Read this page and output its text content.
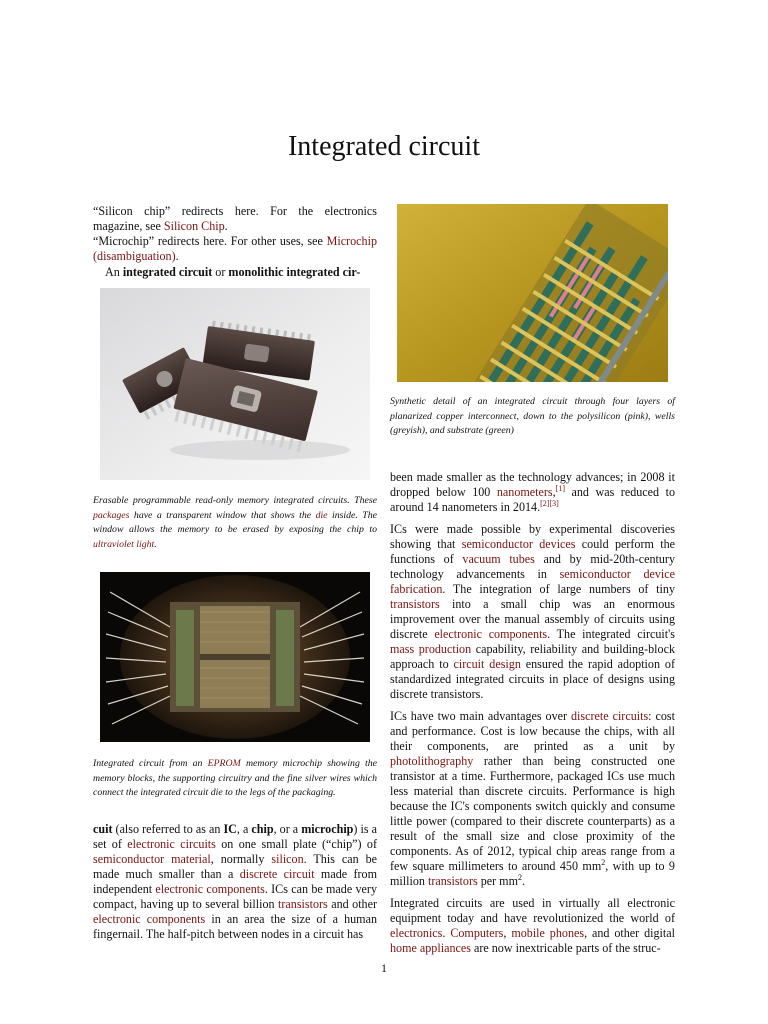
Integrated circuit

“Silicon chip” redirects here. For the electronics magazine, see Silicon Chip.

“Microchip” redirects here. For other uses, see Microchip (disambiguation).

An integrated circuit or monolithic integrated cir-

Erasable programmable read-only memory integrated circuits. These packages have a transparent window that shows the die inside. The window allows the memory to be erased by exposing the chip to ultraviolet light.
Integrated circuit from an EPROM memory microchip showing the memory blocks, the supporting circuitry and the fine silver wires which connect the integrated circuit die to the legs of the packaging.

cuit (also referred to as an IC, a chip, or a microchip) is a set of electronic circuits on one small plate (“chip”) of semiconductor material, normally silicon. This can be made much smaller than a discrete circuit made from independent electronic components. ICs can be made very compact, having up to several billion transistors and other electronic components in an area the size of a human fingernail. The half-pitch between nodes in a circuit has

Synthetic detail of an integrated circuit through four layers of planarized copper interconnect, down to the polysilicon (pink), wells (greyish), and substrate (green)

been made smaller as the technology advances; in 2008 it dropped below 100 nanometers,[1] and was reduced to around 14 nanometers in 2014.[2][3]

ICs were made possible by experimental discoveries showing that semiconductor devices could perform the functions of vacuum tubes and by mid-20th-century technology advancements in semiconductor device fabrication. The integration of large numbers of tiny transistors into a small chip was an enormous improvement over the manual assembly of circuits using discrete electronic components. The integrated circuit's mass production capability, reliability and building-block approach to circuit design ensured the rapid adoption of standardized integrated circuits in place of designs using discrete transistors.

ICs have two main advantages over discrete circuits: cost and performance. Cost is low because the chips, with all their components, are printed as a unit by photolithography rather than being constructed one transistor at a time. Furthermore, packaged ICs use much less material than discrete circuits. Performance is high because the IC's components switch quickly and consume little power (compared to their discrete counterparts) as a result of the small size and close proximity of the components. As of 2012, typical chip areas range from a few square millimeters to around 450 $mm^2$, with up to 9 million transistors per $mm^2$.

Integrated circuits are used in virtually all electronic equipment today and have revolutionized the world of electronics. Computers, mobile phones, and other digital home appliances are now inextricable parts of the struc-

1
